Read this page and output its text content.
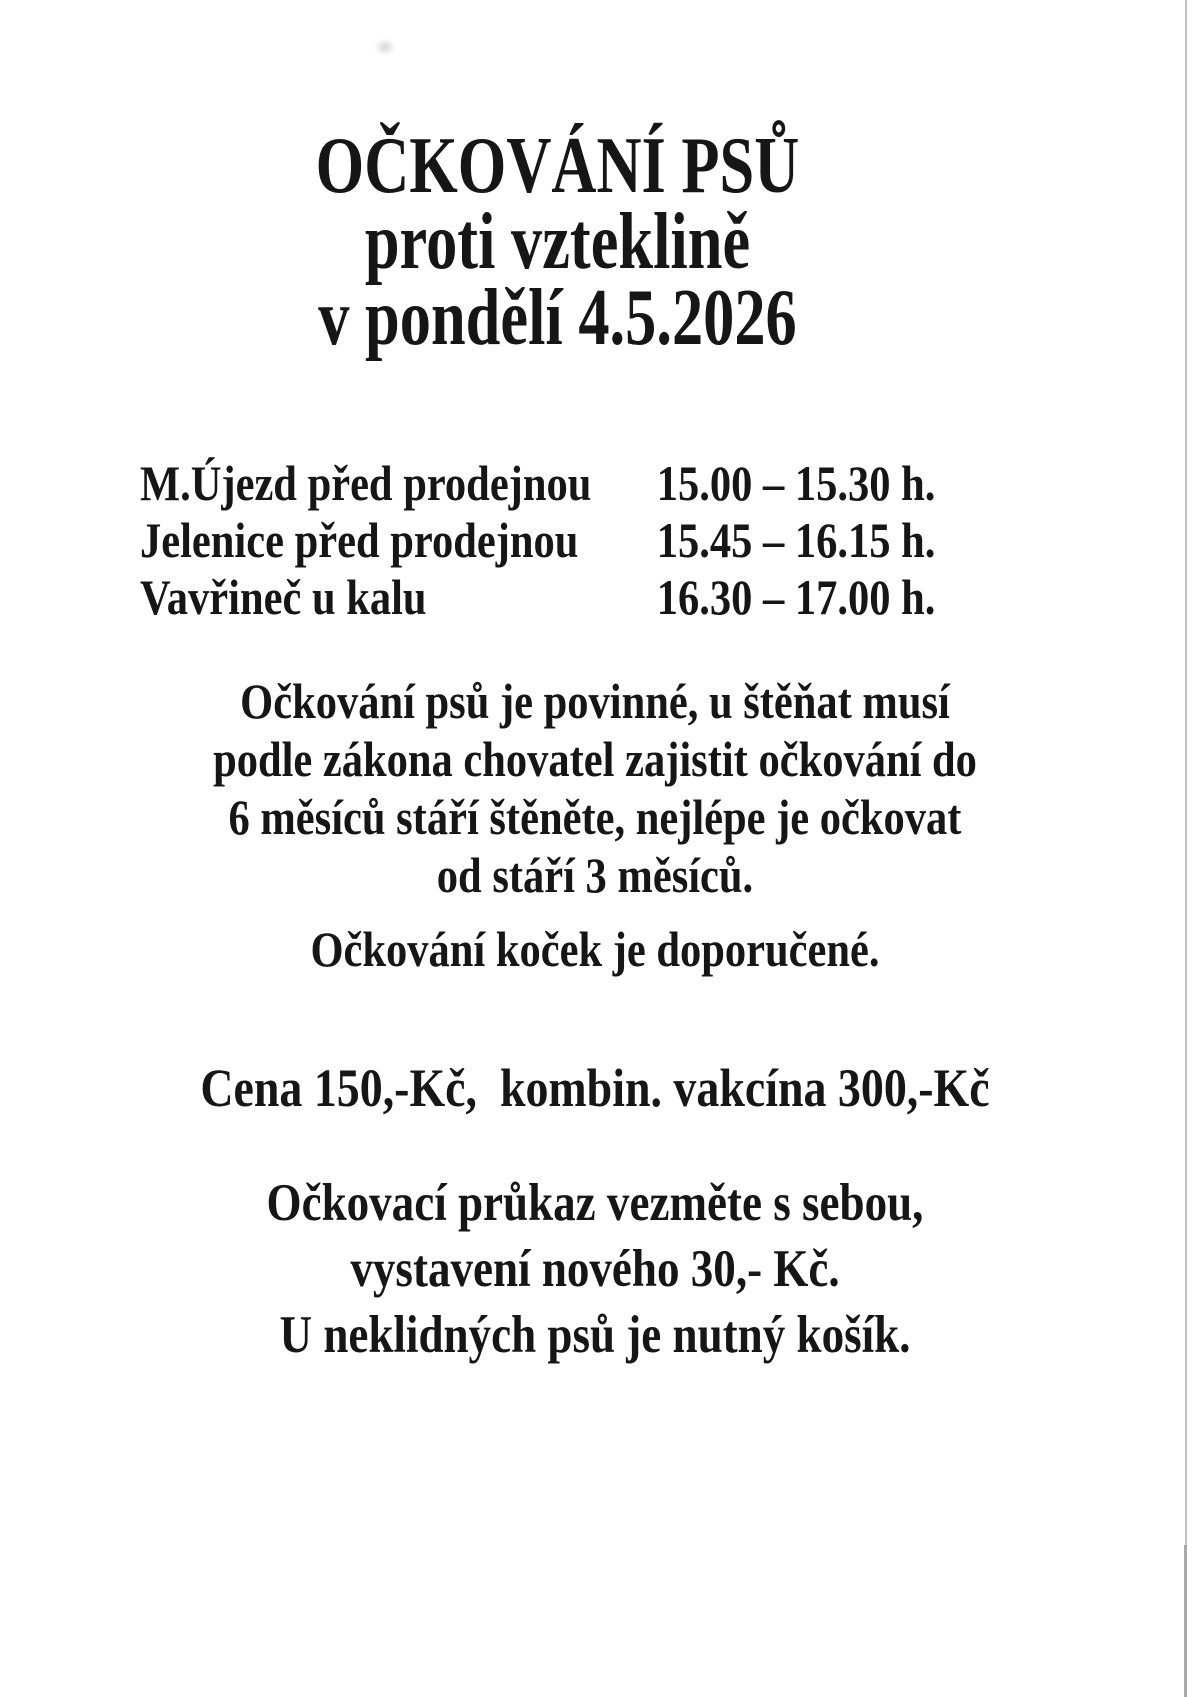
OČKOVÁNÍ PSŮ
proti vzteklině
v pondělí 4.5.2026
M.Újezd před prodejnou	15.00 – 15.30 h.
Jelenice před prodejnou	15.45 – 16.15 h.
Vavřineč u kalu	16.30 – 17.00 h.
Očkování psů je povinné, u štěňat musí
podle zákona chovatel zajistit očkování do
6 měsíců stáří štěněte, nejlépe je očkovat
od stáří 3 měsíců.
Očkování koček je doporučené.
Cena 150,-Kč,  kombin. vakcína 300,-Kč
Očkovací průkaz vezměte s sebou,
vystavení nového 30,- Kč.
U neklidných psů je nutný košík.
